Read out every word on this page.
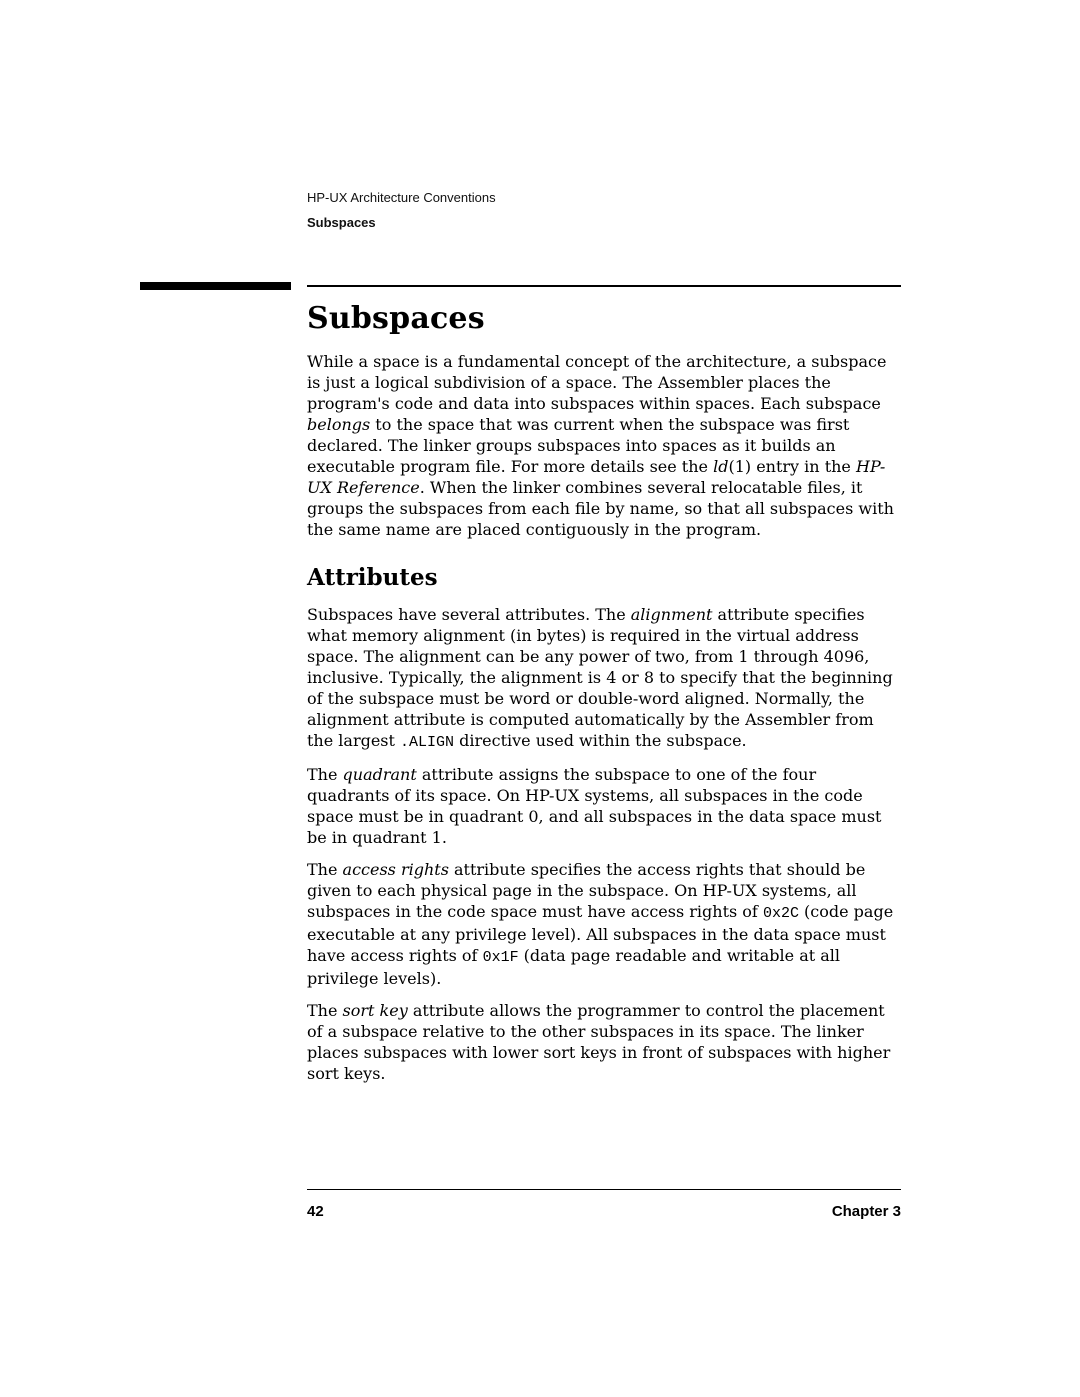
HP-UX Architecture Conventions
Subspaces
Subspaces

While a space is a fundamental concept of the architecture, a subspace is just a logical subdivision of a space. The Assembler places the program's code and data into subspaces within spaces. Each subspace belongs to the space that was current when the subspace was first declared. The linker groups subspaces into spaces as it builds an executable program file. For more details see the ld(1) entry in the HP-UX Reference. When the linker combines several relocatable files, it groups the subspaces from each file by name, so that all subspaces with the same name are placed contiguously in the program.

Attributes

Subspaces have several attributes. The alignment attribute specifies what memory alignment (in bytes) is required in the virtual address space. The alignment can be any power of two, from 1 through 4096, inclusive. Typically, the alignment is 4 or 8 to specify that the beginning of the subspace must be word or double-word aligned. Normally, the alignment attribute is computed automatically by the Assembler from the largest .ALIGN directive used within the subspace.

The quadrant attribute assigns the subspace to one of the four quadrants of its space. On HP-UX systems, all subspaces in the code space must be in quadrant 0, and all subspaces in the data space must be in quadrant 1.

The access rights attribute specifies the access rights that should be given to each physical page in the subspace. On HP-UX systems, all subspaces in the code space must have access rights of 0x2C (code page executable at any privilege level). All subspaces in the data space must have access rights of 0x1F (data page readable and writable at all privilege levels).

The sort key attribute allows the programmer to control the placement of a subspace relative to the other subspaces in its space. The linker places subspaces with lower sort keys in front of subspaces with higher sort keys.

42	Chapter 3
